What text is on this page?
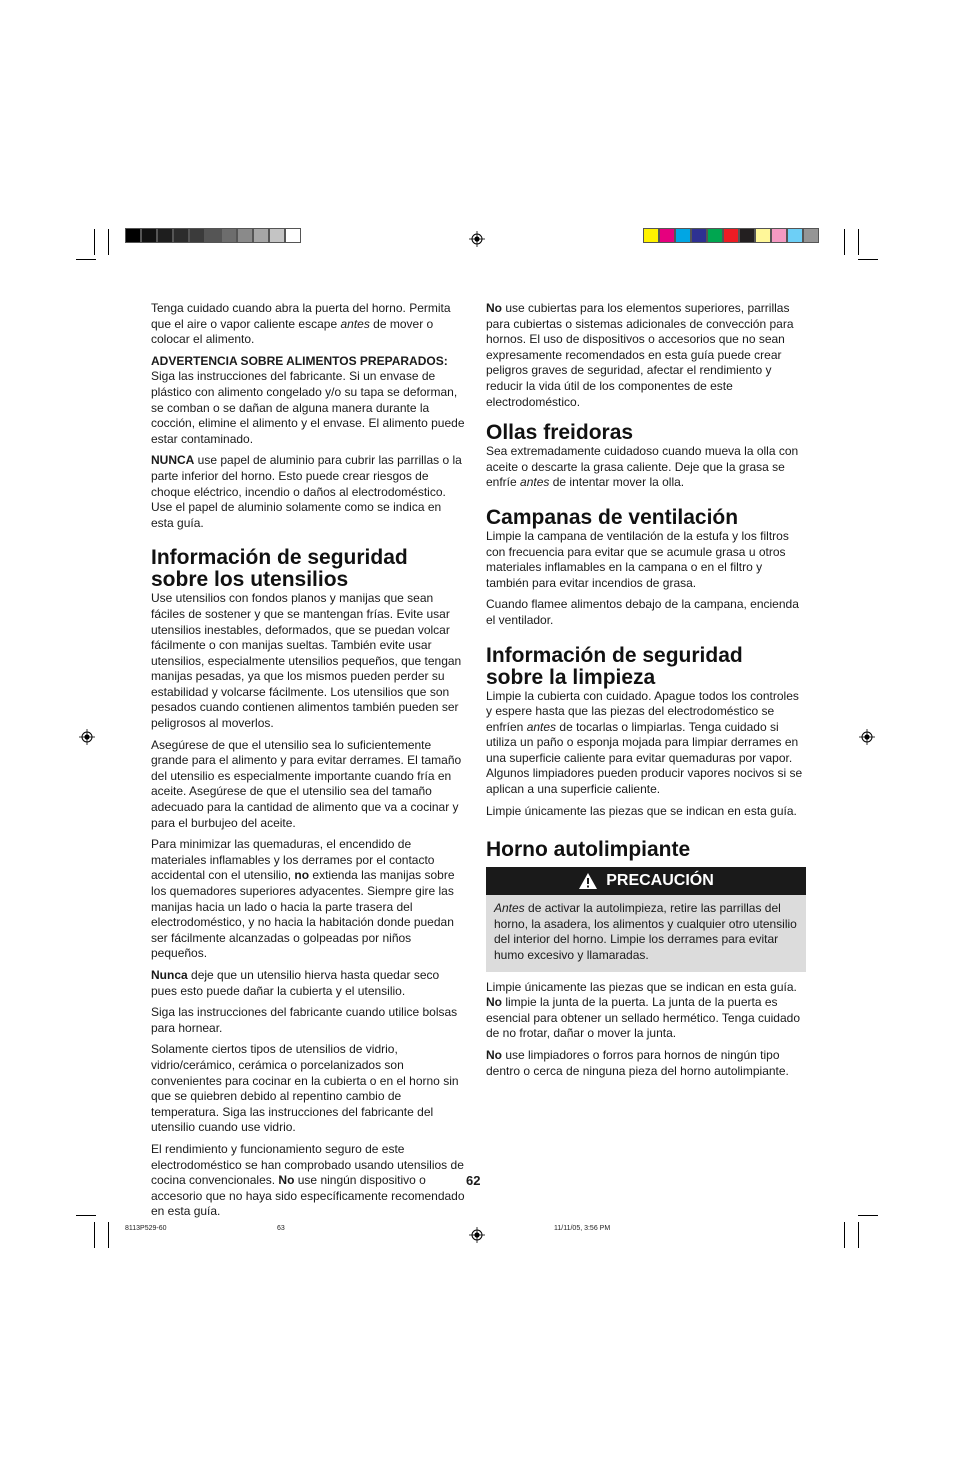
Tenga cuidado cuando abra la puerta del horno. Permita que el aire o vapor caliente escape antes de mover o colocar el alimento.

ADVERTENCIA SOBRE ALIMENTOS PREPARADOS: Siga las instrucciones del fabricante. Si un envase de plástico con alimento congelado y/o su tapa se deforman, se comban o se dañan de alguna manera durante la cocción, elimine el alimento y el envase. El alimento puede estar contaminado.

NUNCA use papel de aluminio para cubrir las parrillas o la parte inferior del horno. Esto puede crear riesgos de choque eléctrico, incendio o daños al electrodoméstico. Use el papel de aluminio solamente como se indica en esta guía.

Información de seguridad
sobre los utensilios

Use utensilios con fondos planos y manijas que sean fáciles de sostener y que se mantengan frías. Evite usar utensilios inestables, deformados, que se puedan volcar fácilmente o con manijas sueltas. También evite usar utensilios, especialmente utensilios pequeños, que tengan manijas pesadas, ya que los mismos pueden perder su estabilidad y volcarse fácilmente. Los utensilios que son pesados cuando contienen alimentos también pueden ser peligrosos al moverlos.

Asegúrese de que el utensilio sea lo suficientemente grande para el alimento y para evitar derrames. El tamaño del utensilio es especialmente importante cuando fría en aceite. Asegúrese de que el utensilio sea del tamaño adecuado para la cantidad de alimento que va a cocinar y para el burbujeo del aceite.

Para minimizar las quemaduras, el encendido de materiales inflamables y los derrames por el contacto accidental con el utensilio, no extienda las manijas sobre los quemadores superiores adyacentes. Siempre gire las manijas hacia un lado o hacia la parte trasera del electrodoméstico, y no hacia la habitación donde puedan ser fácilmente alcanzadas o golpeadas por niños pequeños.

Nunca deje que un utensilio hierva hasta quedar seco pues esto puede dañar la cubierta y el utensilio.

Siga las instrucciones del fabricante cuando utilice bolsas para hornear.

Solamente ciertos tipos de utensilios de vidrio, vidrio/cerámico, cerámica o porcelanizados son convenientes para cocinar en la cubierta o en el horno sin que se quiebren debido al repentino cambio de temperatura. Siga las instrucciones del fabricante del utensilio cuando use vidrio.

El rendimiento y funcionamiento seguro de este electrodoméstico se han comprobado usando utensilios de cocina convencionales. No use ningún dispositivo o accesorio que no haya sido específicamente recomendado en esta guía.

No use cubiertas para los elementos superiores, parrillas para cubiertas o sistemas adicionales de convección para hornos. El uso de dispositivos o accesorios que no sean expresamente recomendados en esta guía puede crear peligros graves de seguridad, afectar el rendimiento y reducir la vida útil de los componentes de este electrodoméstico.

Ollas freidoras

Sea extremadamente cuidadoso cuando mueva la olla con aceite o descarte la grasa caliente. Deje que la grasa se enfríe antes de intentar mover la olla.

Campanas de ventilación

Limpie la campana de ventilación de la estufa y los filtros con frecuencia para evitar que se acumule grasa u otros materiales inflamables en la campana o en el filtro y también para evitar incendios de grasa.

Cuando flamee alimentos debajo de la campana, encienda el ventilador.

Información de seguridad
sobre la limpieza

Limpie la cubierta con cuidado. Apague todos los controles y espere hasta que las piezas del electrodoméstico se enfríen antes de tocarlas o limpiarlas. Tenga cuidado si utiliza un paño o esponja mojada para limpiar derrames en una superficie caliente para evitar quemaduras por vapor. Algunos limpiadores pueden producir vapores nocivos si se aplican a una superficie caliente.

Limpie únicamente las piezas que se indican en esta guía.

Horno autolimpiante
PRECAUCIÓN
Antes de activar la autolimpieza, retire las parrillas del horno, la asadera, los alimentos y cualquier otro utensilio del interior del horno. Limpie los derrames para evitar humo excesivo y llamaradas.

Limpie únicamente las piezas que se indican en esta guía. No limpie la junta de la puerta. La junta de la puerta es esencial para obtener un sellado hermético. Tenga cuidado de no frotar, dañar o mover la junta.

No use limpiadores o forros para hornos de ningún tipo dentro o cerca de ninguna pieza del horno autolimpiante.

62
8113P529-60	63	11/11/05, 3:56 PM
